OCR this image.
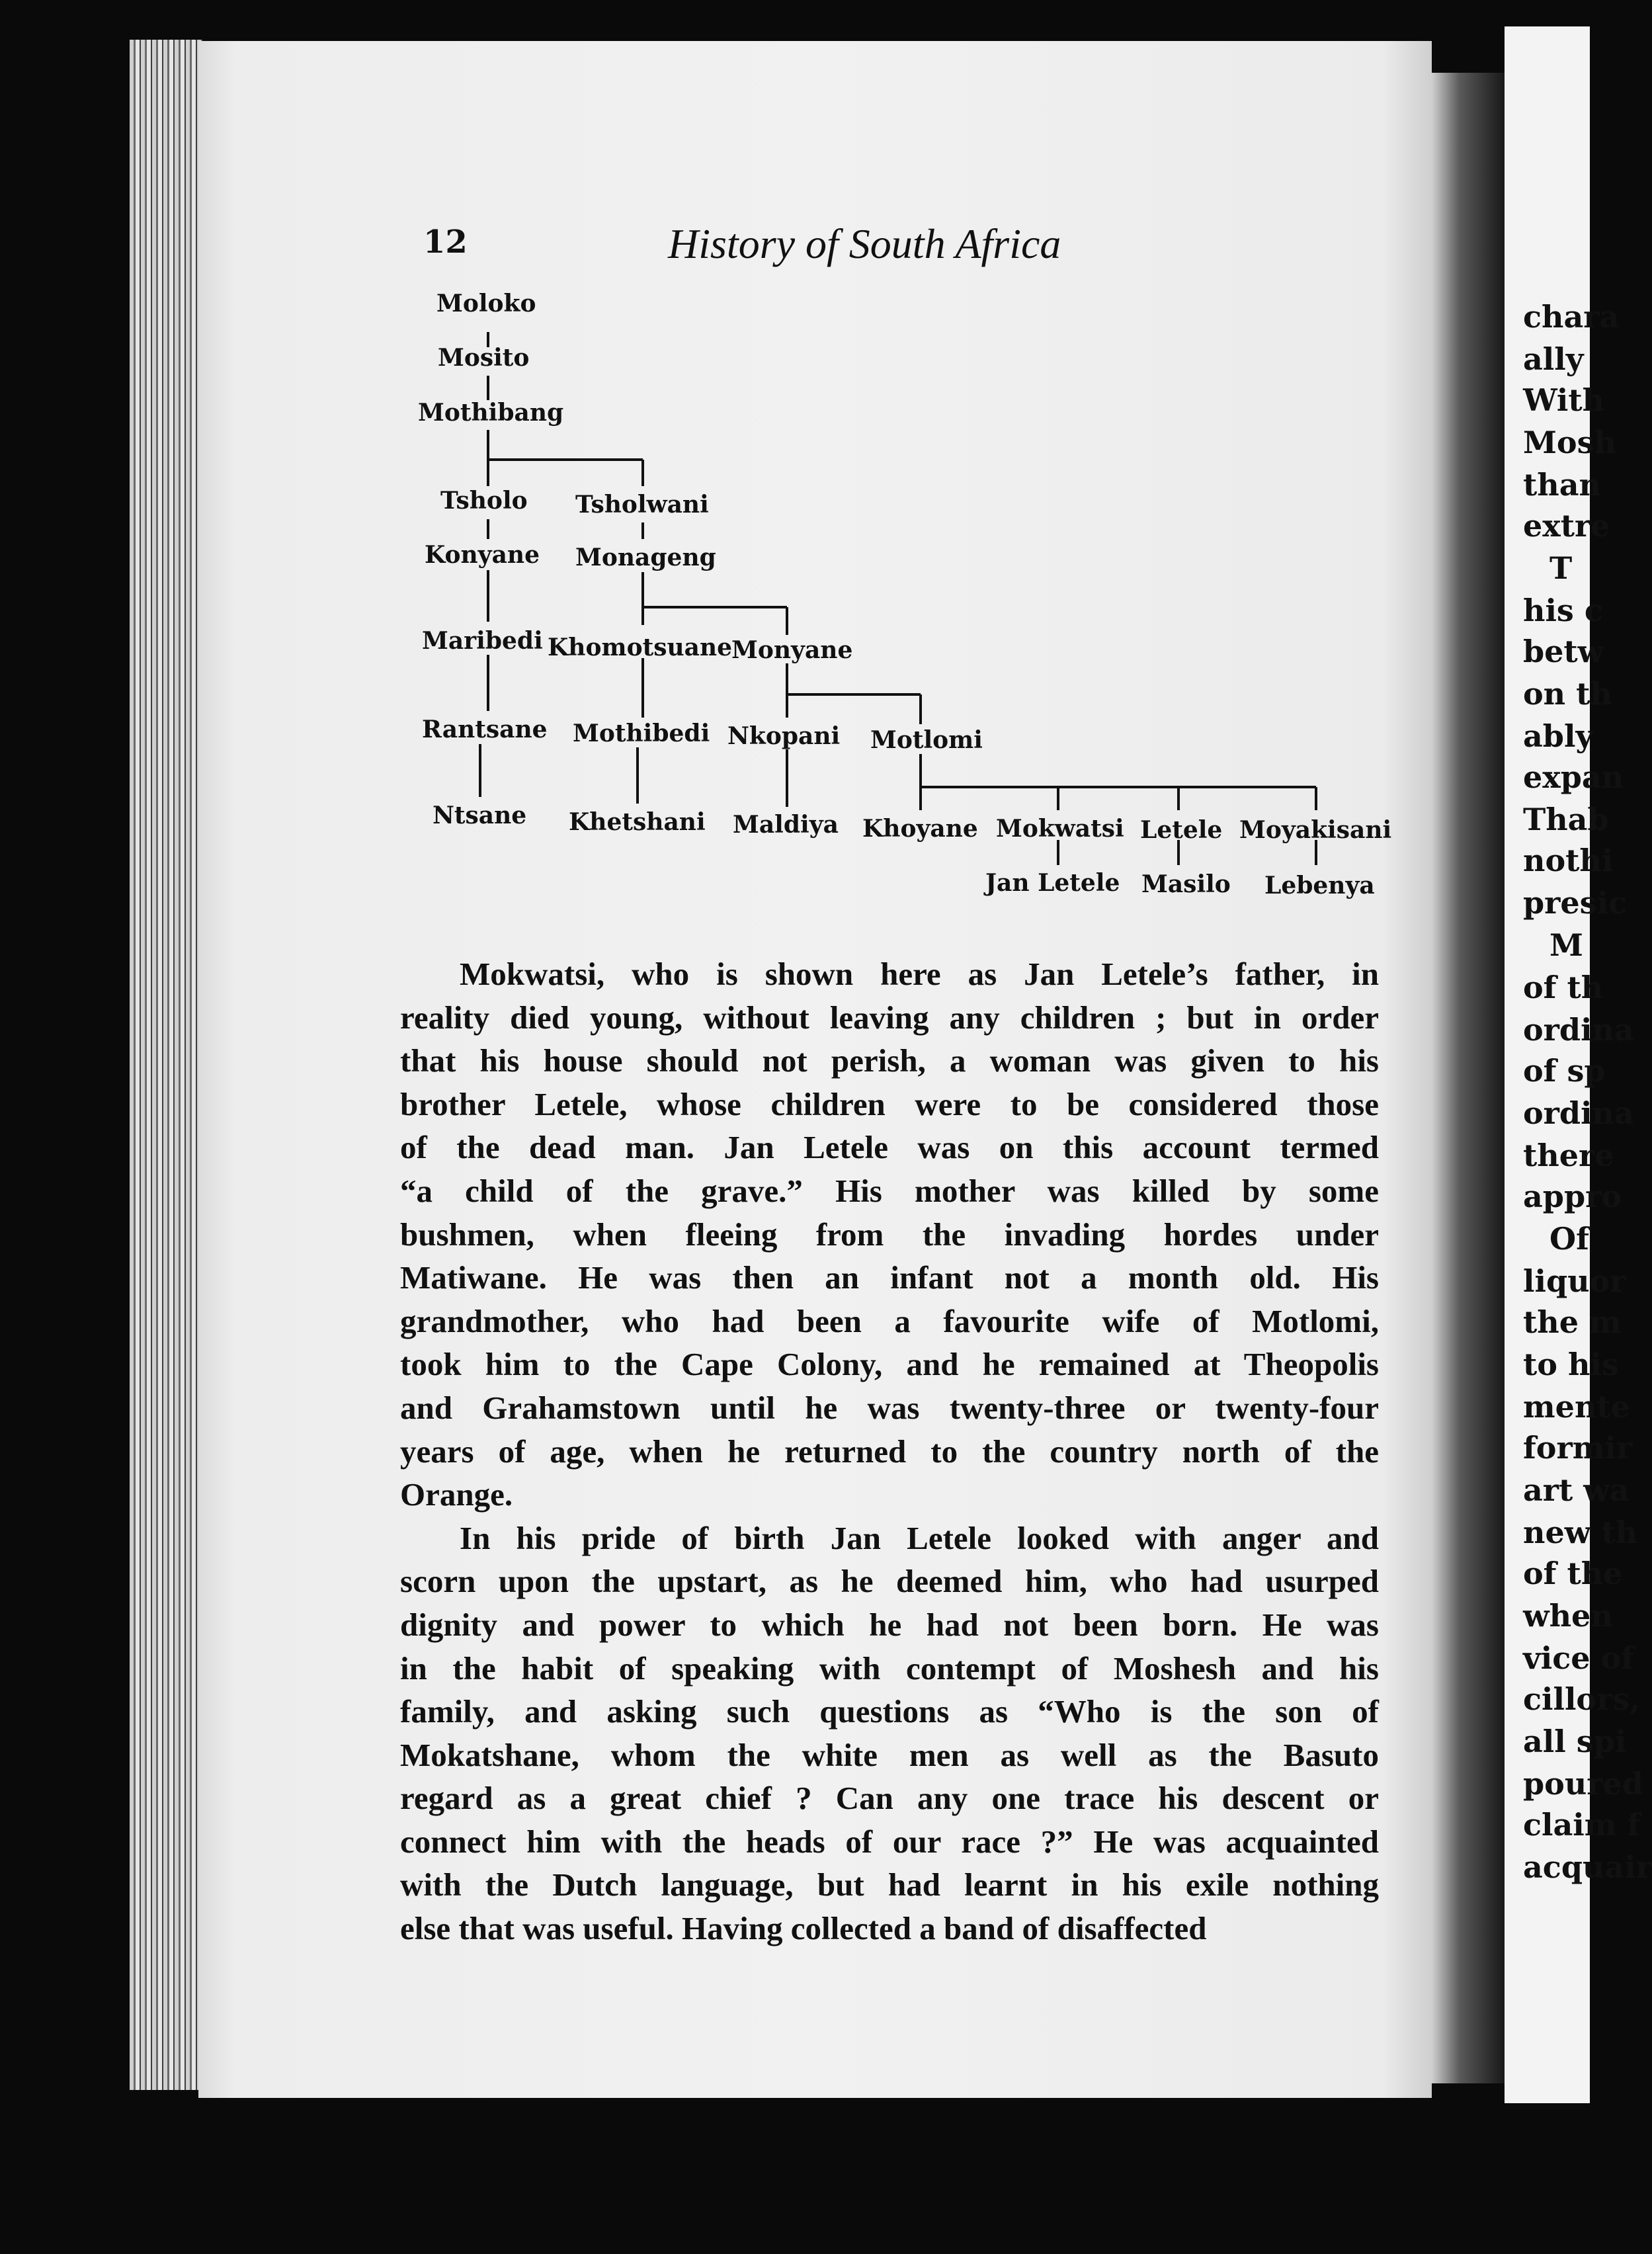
chara
ally
With
Mosh
than
extre
T
his c
betw
on th
ably
expan
Thab
nothi
presic
M
of th
ordina
of sp
ordina
there
appro
Of
liquor
the m
to his
mente
formir
art wa
new th
of the
when
vice of
cillors,
all spi
poured
claim f
acquair
12	History of South Africa
Moloko
Mosito
Mothibang
Tsholo Tsholwani
Konyane Monageng
Maribedi Khomotsuane
Monyane
Rantsane Mothibedi Nkopani Motlomi
Ntsane Khetshani Maldiya Khoyane Mokwatsi Letele Moyakisani
Jan Letele Masilo Lebenya

Mokwatsi, who is shown here as Jan Letele’s father, in
reality died young, without leaving any children ; but in order
that his house should not perish, a woman was given to his
brother Letele, whose children were to be considered those
of the dead man. Jan Letele was on this account termed
“a child of the grave.” His mother was killed by some
bushmen, when fleeing from the invading hordes under
Matiwane. He was then an infant not a month old. His
grandmother, who had been a favourite wife of Motlomi,
took him to the Cape Colony, and he remained at Theopolis
and Grahamstown until he was twenty-three or twenty-four
years of age, when he returned to the country north of the
Orange.

In his pride of birth Jan Letele looked with anger and
scorn upon the upstart, as he deemed him, who had usurped
dignity and power to which he had not been born. He was
in the habit of speaking with contempt of Moshesh and his
family, and asking such questions as “Who is the son of
Mokatshane, whom the white men as well as the Basuto
regard as a great chief ? Can any one trace his descent or
connect him with the heads of our race ?” He was acquainted
with the Dutch language, but had learnt in his exile nothing
else that was useful. Having collected a band of disaffected
